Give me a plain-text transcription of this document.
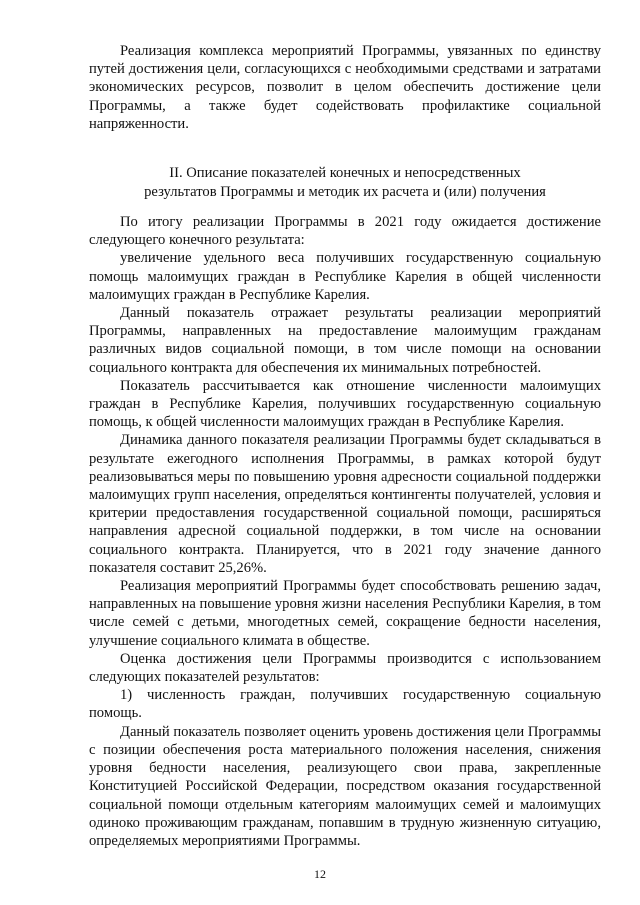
Реализация комплекса мероприятий Программы, увязанных по единству путей достижения цели, согласующихся с необходимыми средствами и затратами экономических ресурсов, позволит в целом обеспечить достижение цели Программы, а также будет содействовать профилактике социальной напряженности.

II. Описание показателей конечных и непосредственных
результатов Программы и методик их расчета и (или) получения

По итогу реализации Программы в 2021 году ожидается достижение следующего конечного результата:

увеличение удельного веса получивших государственную социальную помощь малоимущих граждан в Республике Карелия в общей численности малоимущих граждан в Республике Карелия.

Данный показатель отражает результаты реализации мероприятий Программы, направленных на предоставление малоимущим гражданам различных видов социальной помощи, в том числе помощи на основании социального контракта для обеспечения их минимальных потребностей.

Показатель рассчитывается как отношение численности малоимущих граждан в Республике Карелия, получивших государственную социальную помощь, к общей численности малоимущих граждан в Республике Карелия.

Динамика данного показателя реализации Программы будет складываться в результате ежегодного исполнения Программы, в рамках которой будут реализовываться меры по повышению уровня адресности социальной поддержки малоимущих групп населения, определяться контингенты получателей, условия и критерии предоставления государственной социальной помощи, расширяться направления адресной социальной поддержки, в том числе на основании социального контракта. Планируется, что в 2021 году значение данного показателя составит 25,26%.

Реализация мероприятий Программы будет способствовать решению задач, направленных на повышение уровня жизни населения Республики Карелия, в том числе семей с детьми, многодетных семей, сокращение бедности населения, улучшение социального климата в обществе.

Оценка достижения цели Программы производится с использованием следующих показателей результатов:

1) численность граждан, получивших государственную социальную помощь.

Данный показатель позволяет оценить уровень достижения цели Программы с позиции обеспечения роста материального положения населения, снижения уровня бедности населения, реализующего свои права, закрепленные Конституцией Российской Федерации, посредством оказания государственной социальной помощи отдельным категориям малоимущих семей и малоимущих одиноко проживающим гражданам, попавшим в трудную жизненную ситуацию, определяемых мероприятиями Программы.

12
